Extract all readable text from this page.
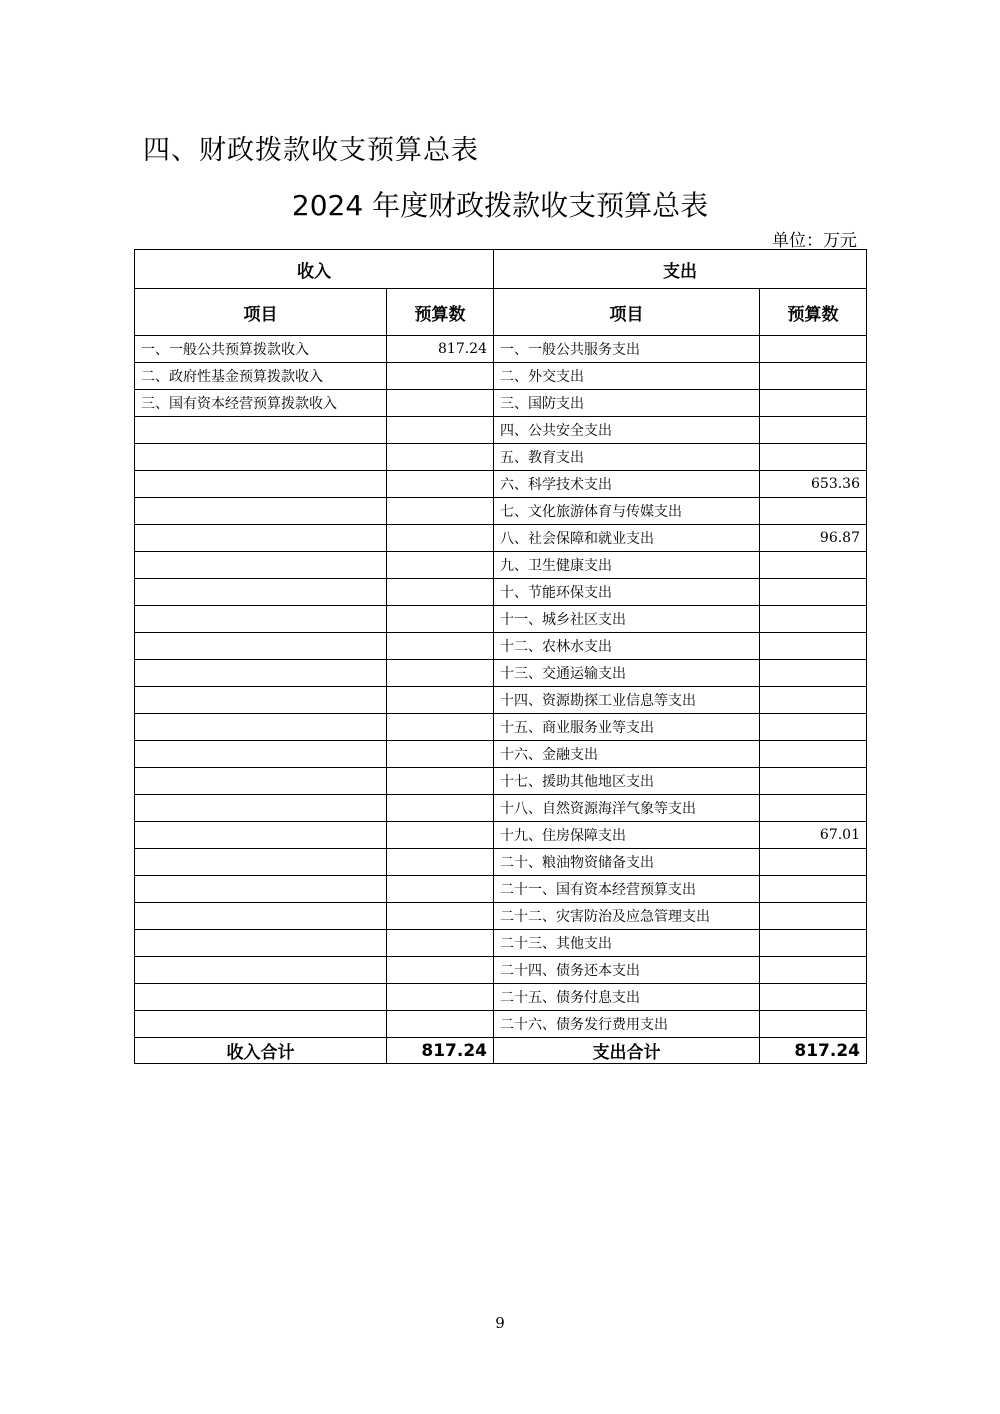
四、财政拨款收支预算总表
2024 年度财政拨款收支预算总表
单位：万元
收入		支出	
项目	预算数	项目	预算数
一、一般公共预算拨款收入	817.24	一、一般公共服务支出	
二、政府性基金预算拨款收入		二、外交支出	
三、国有资本经营预算拨款收入		三、国防支出	
		四、公共安全支出	
		五、教育支出	
		六、科学技术支出	653.36
		七、文化旅游体育与传媒支出	
		八、社会保障和就业支出	96.87
		九、卫生健康支出	
		十、节能环保支出	
		十一、城乡社区支出	
		十二、农林水支出	
		十三、交通运输支出	
		十四、资源勘探工业信息等支出	
		十五、商业服务业等支出	
		十六、金融支出	
		十七、援助其他地区支出	
		十八、自然资源海洋气象等支出	
		十九、住房保障支出	67.01
		二十、粮油物资储备支出	
		二十一、国有资本经营预算支出	
		二十二、灾害防治及应急管理支出	
		二十三、其他支出	
		二十四、债务还本支出	
		二十五、债务付息支出	
		二十六、债务发行费用支出	
收入合计	817.24	支出合计	817.24
9
